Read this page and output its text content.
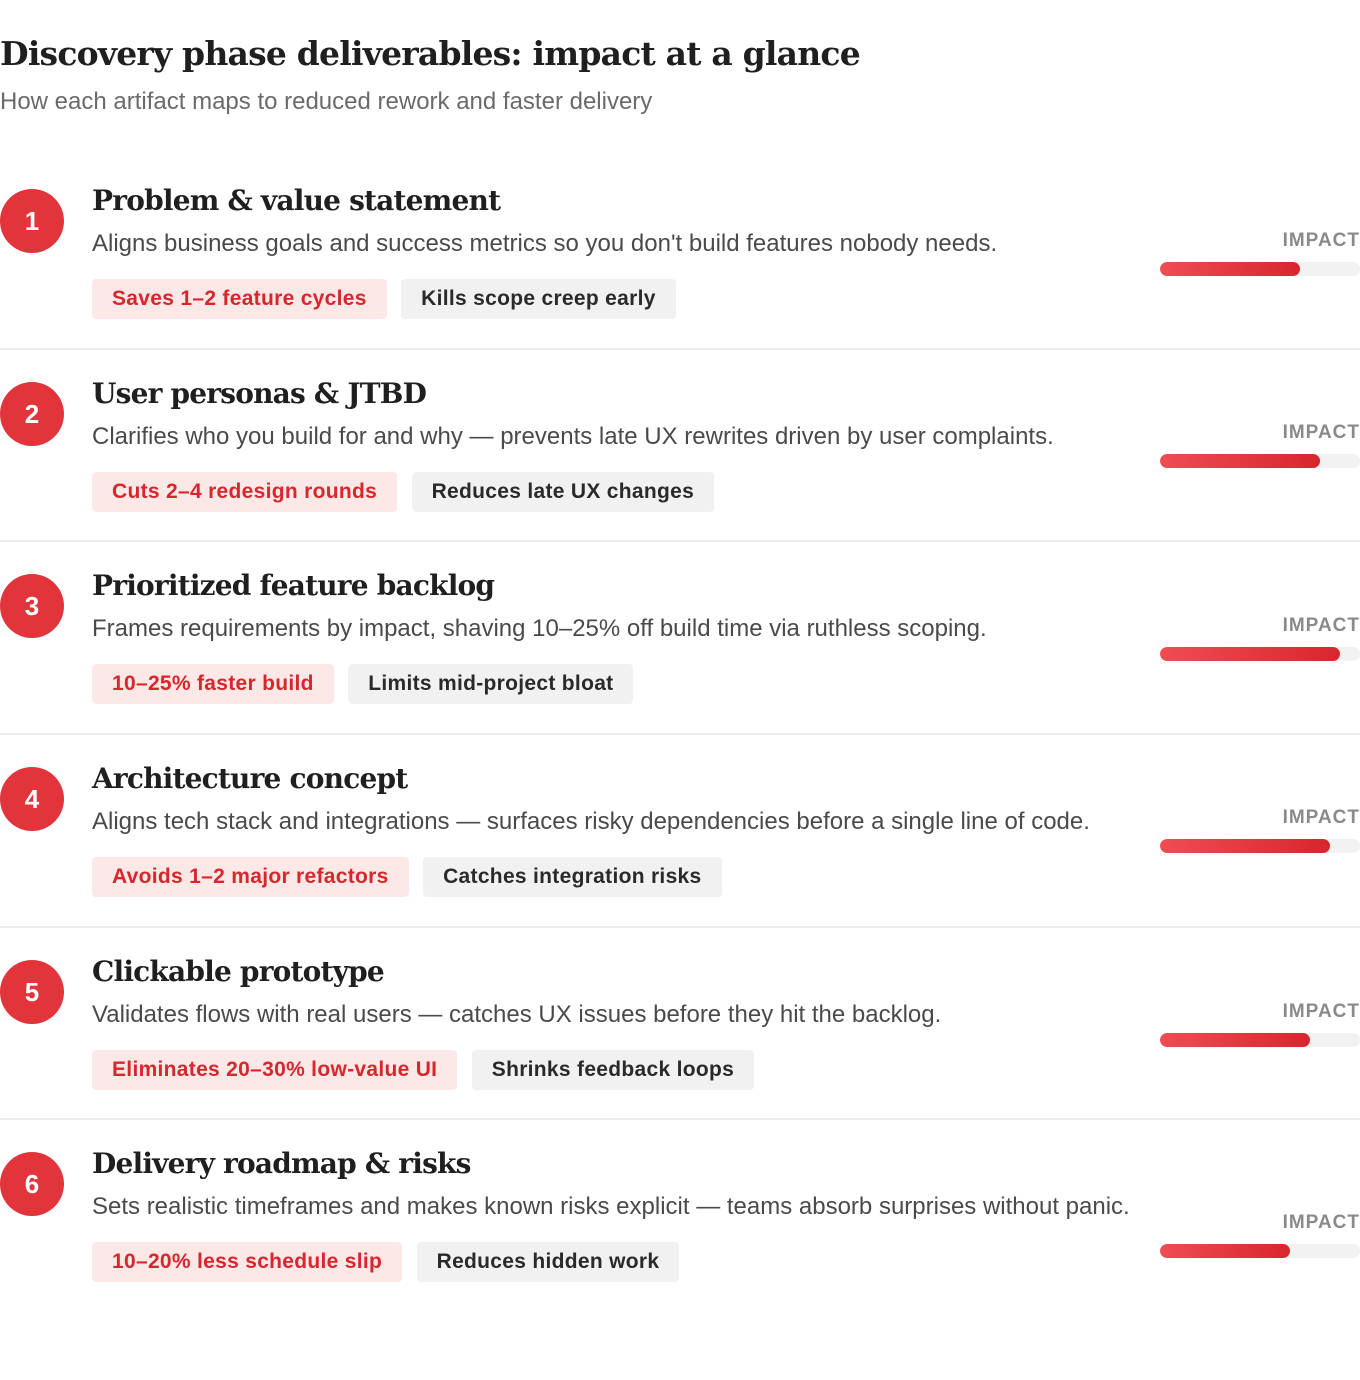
Discovery phase deliverables: impact at a glance

How each artifact maps to reduced rework and faster delivery

1
Problem & value statement

Aligns business goals and success metrics so you don't build features nobody needs.

Saves 1–2 feature cycles	Kills scope creep early
IMPACT
2
User personas & JTBD

Clarifies who you build for and why — prevents late UX rewrites driven by user complaints.

Cuts 2–4 redesign rounds	Reduces late UX changes
IMPACT
3
Prioritized feature backlog

Frames requirements by impact, shaving 10–25% off build time via ruthless scoping.

10–25% faster build	Limits mid-project bloat
IMPACT
4
Architecture concept

Aligns tech stack and integrations — surfaces risky dependencies before a single line of code.

Avoids 1–2 major refactors	Catches integration risks
IMPACT
5
Clickable prototype

Validates flows with real users — catches UX issues before they hit the backlog.

Eliminates 20–30% low-value UI	Shrinks feedback loops
IMPACT
6
Delivery roadmap & risks

Sets realistic timeframes and makes known risks explicit — teams absorb surprises without panic.

10–20% less schedule slip	Reduces hidden work
IMPACT
